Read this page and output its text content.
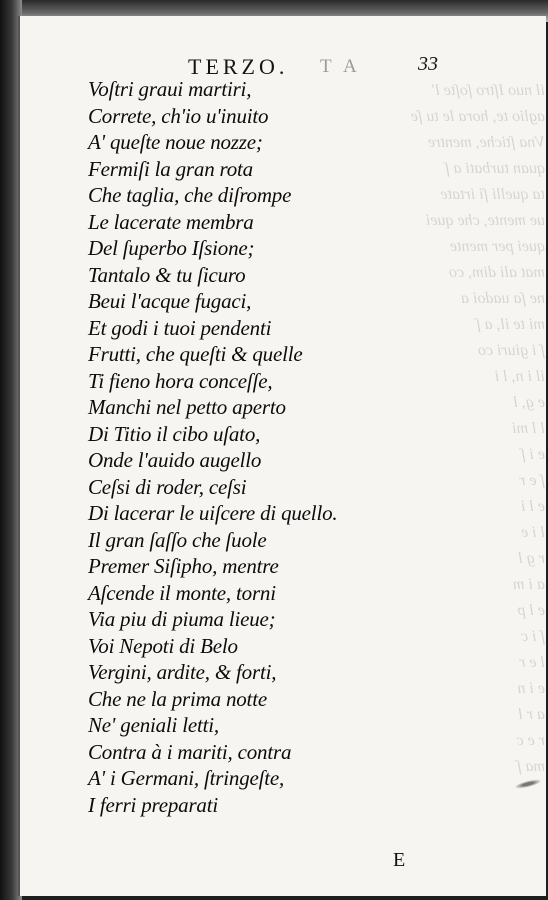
il nuo Iſtro ſoſte l'
aglio te, hora le tu ſe
Vna ſtiche, mentre
quan turbati a ſ
ta quelli ſi irtate
ue mente, che quei
quei per mente
mat ali dim, co
ne ſa uadoi a
mi te il, a ſ
ſ i giuri co
il i n, l i
e g, l
l l mi
e i ſ
ſ e r
e l i
l i e
r g l
a i m
e l p
ſ i c
l e r
e i n
a r l
r e c
ma ſ
TERZO. T A	33
Voſtri graui martiri,
Correte, ch'io u'inuito
A' queſte noue nozze;
Fermiſi la gran rota
Che taglia, che diſrompe
Le lacerate membra
Del ſuperbo Iſsione;
Tantalo & tu ſicuro
Beui l'acque fugaci,
Et godi i tuoi pendenti
Frutti, che queſti & quelle
Ti fieno hora conceſſe,
Manchi nel petto aperto
Di Titio il cibo uſato,
Onde l'auido augello
Ceſsi di roder, ceſsi
Di lacerar le uiſcere di quello.
Il gran ſaſſo che ſuole
Premer Siſipho, mentre
Aſcende il monte, torni
Via piu di piuma lieue;
Voi Nepoti di Belo
Vergini, ardite, & forti,
Che ne la prima notte
Ne' geniali letti,
Contra à i mariti, contra
A' i Germani, ſtringeſte,
I ferri preparati
E
